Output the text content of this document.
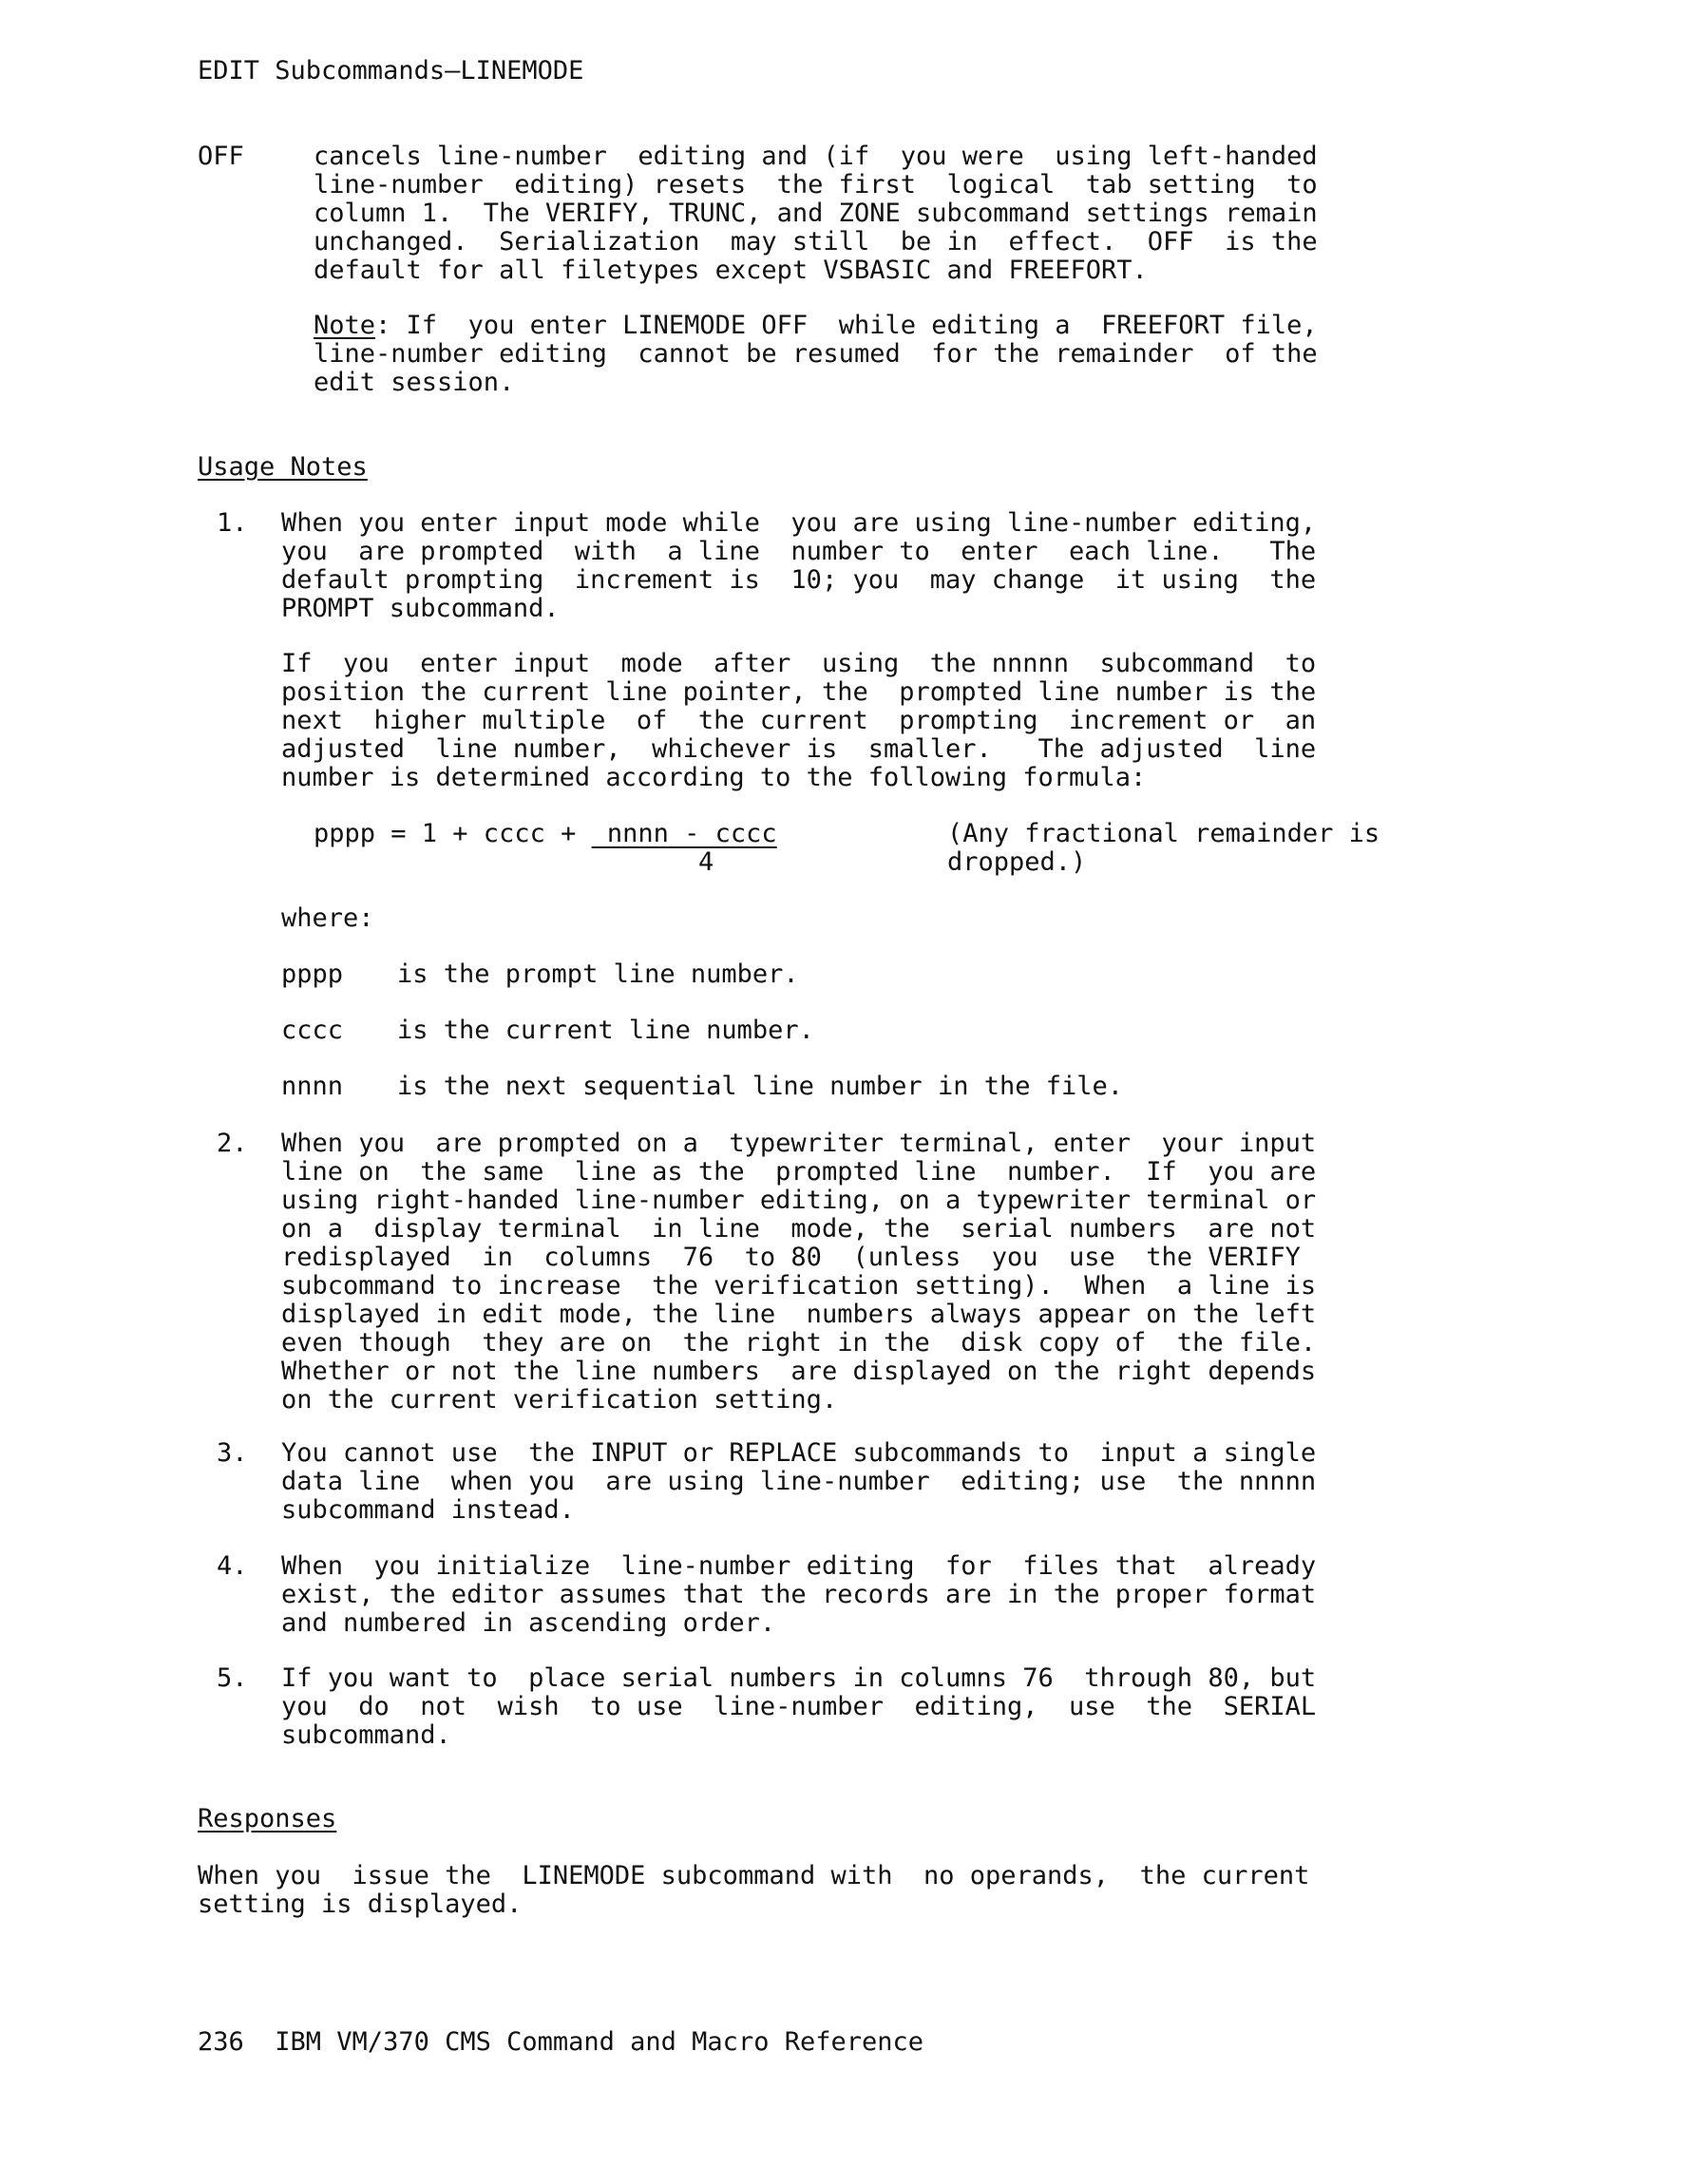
EDIT Subcommands—LINEMODE
OFF	cancels line-number  editing and (if  you were  using left-handed
line-number  editing) resets  the first  logical  tab setting  to
column 1.  The VERIFY, TRUNC, and ZONE subcommand settings remain
unchanged.  Serialization  may still  be in  effect.  OFF  is the
default for all filetypes except VSBASIC and FREEFORT.
Note: If  you enter LINEMODE OFF  while editing a  FREEFORT file,
line-number editing  cannot be resumed  for the remainder  of the
edit session.
Usage Notes
1. When you enter input mode while  you are using line-number editing,
you  are prompted  with  a line  number to  enter  each line.   The
default prompting  increment is  10; you  may change  it using  the
PROMPT subcommand.
If  you  enter input  mode  after  using  the nnnnn  subcommand  to
position the current line pointer, the  prompted line number is the
next  higher multiple  of  the current  prompting  increment or  an
adjusted  line number,  whichever is  smaller.   The adjusted  line
number is determined according to the following formula:
pppp = 1 + cccc +  nnnn - cccc
4
(Any fractional remainder is
dropped.)
where:
pppp is the prompt line number.
cccc is the current line number.
nnnn is the next sequential line number in the file.
2. When you  are prompted on a  typewriter terminal, enter  your input
line on  the same  line as the  prompted line  number.  If  you are
using right-handed line-number editing, on a typewriter terminal or
on a  display terminal  in line  mode, the  serial numbers  are not
redisplayed  in  columns  76  to 80  (unless  you  use  the VERIFY
subcommand to increase  the verification setting).  When  a line is
displayed in edit mode, the line  numbers always appear on the left
even though  they are on  the right in the  disk copy of  the file.
Whether or not the line numbers  are displayed on the right depends
on the current verification setting.
3. You cannot use  the INPUT or REPLACE subcommands to  input a single
data line  when you  are using line-number  editing; use  the nnnnn
subcommand instead.
4. When  you initialize  line-number editing  for  files that  already
exist, the editor assumes that the records are in the proper format
and numbered in ascending order.
5. If you want to  place serial numbers in columns 76  through 80, but
you  do  not  wish  to use  line-number  editing,  use  the  SERIAL
subcommand.
Responses
When you  issue the  LINEMODE subcommand with  no operands,  the current
setting is displayed.
236  IBM VM/370 CMS Command and Macro Reference
